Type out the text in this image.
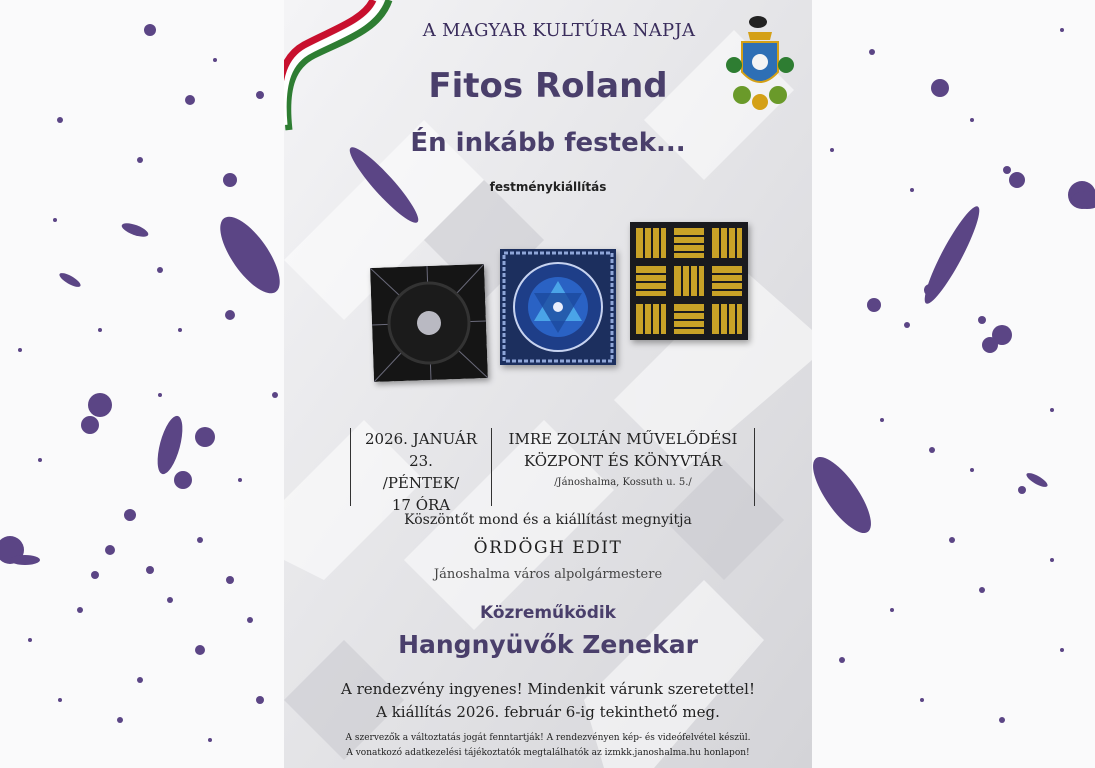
A MAGYAR KULTÚRA NAPJA
Fitos Roland
Én inkább festek...
festménykiállítás
2026. JANUÁR 23.
/PÉNTEK/
17 ÓRA
IMRE ZOLTÁN MŰVELŐDÉSI
KÖZPONT ÉS KÖNYVTÁR
/Jánoshalma, Kossuth u. 5./
Köszöntőt mond és a kiállítást megnyitja
ÖRDÖGH EDIT
Jánoshalma város alpolgármestere
Közreműködik
Hangnyüvők Zenekar
A rendezvény ingyenes! Mindenkit várunk szeretettel!
A kiállítás 2026. február 6-ig tekinthető meg.
A szervezők a változtatás jogát fenntartják! A rendezvényen kép- és videófelvétel készül.
A vonatkozó adatkezelési tájékoztatók megtalálhatók az izmkk.janoshalma.hu honlapon!
